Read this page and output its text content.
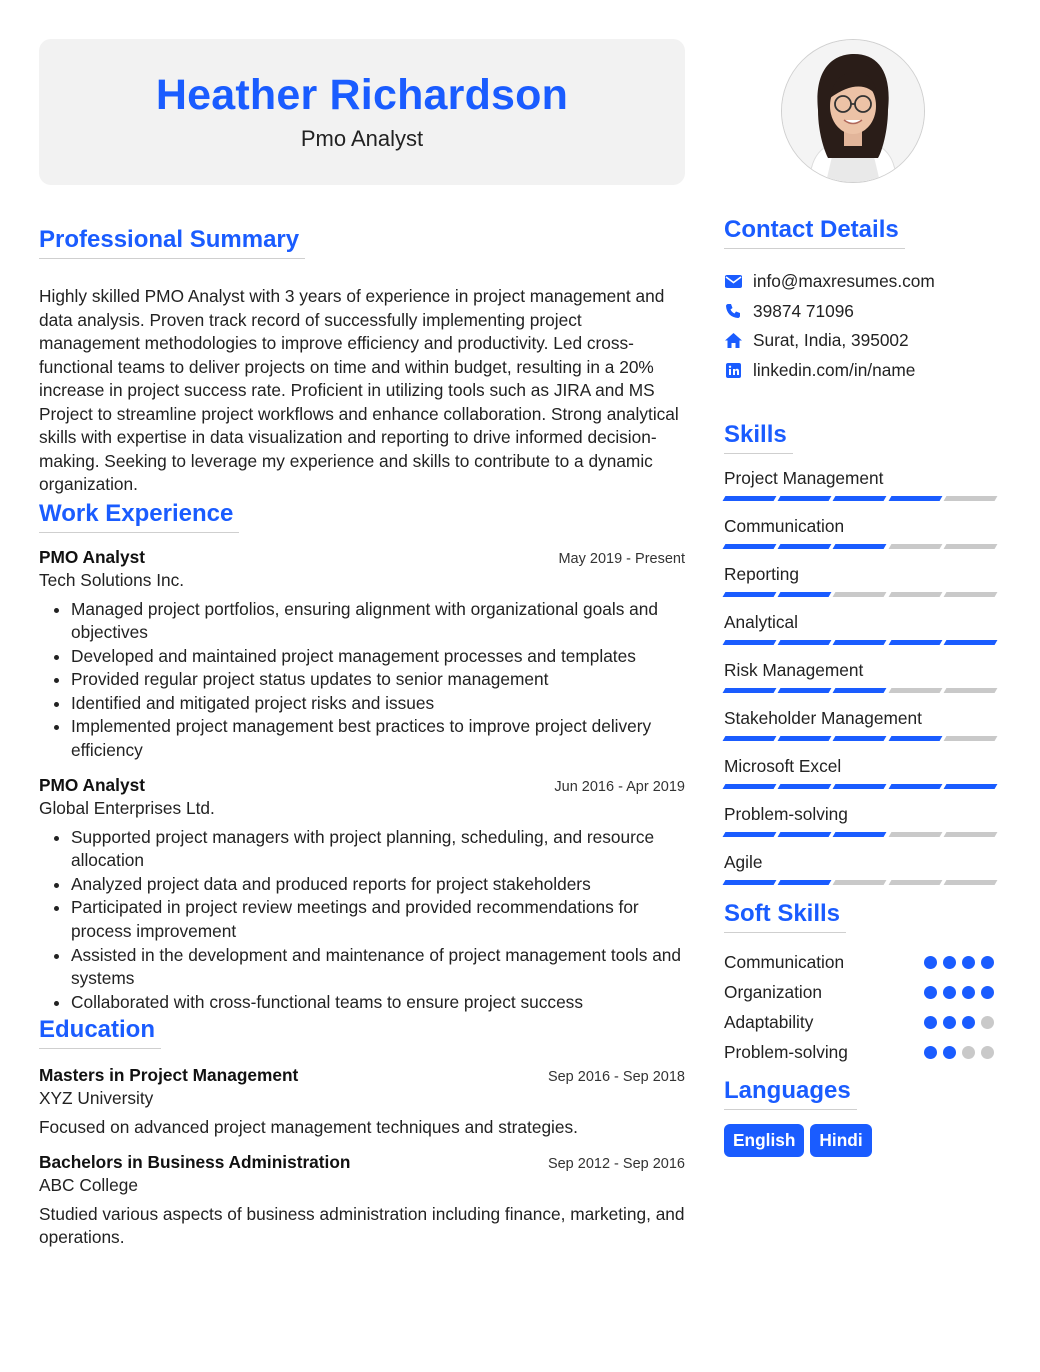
Heather Richardson
Pmo Analyst
Professional Summary
Highly skilled PMO Analyst with 3 years of experience in project management and data analysis. Proven track record of successfully implementing project management methodologies to improve efficiency and productivity. Led cross-functional teams to deliver projects on time and within budget, resulting in a 20% increase in project success rate. Proficient in utilizing tools such as JIRA and MS Project to streamline project workflows and enhance collaboration. Strong analytical skills with expertise in data visualization and reporting to drive informed decision-making. Seeking to leverage my experience and skills to contribute to a dynamic organization.
Work Experience
PMO Analyst	May 2019 - Present
Tech Solutions Inc.
• Managed project portfolios, ensuring alignment with organizational goals and objectives
• Developed and maintained project management processes and templates
• Provided regular project status updates to senior management
• Identified and mitigated project risks and issues
• Implemented project management best practices to improve project delivery efficiency
PMO Analyst	Jun 2016 - Apr 2019
Global Enterprises Ltd.
• Supported project managers with project planning, scheduling, and resource allocation
• Analyzed project data and produced reports for project stakeholders
• Participated in project review meetings and provided recommendations for process improvement
• Assisted in the development and maintenance of project management tools and systems
• Collaborated with cross-functional teams to ensure project success
Education
Masters in Project Management	Sep 2016 - Sep 2018
XYZ University
Focused on advanced project management techniques and strategies.
Bachelors in Business Administration	Sep 2012 - Sep 2016
ABC College
Studied various aspects of business administration including finance, marketing, and operations.
Contact Details
info@maxresumes.com
39874 71096
Surat, India, 395002
linkedin.com/in/name
Skills
Project Management
Communication
Reporting
Analytical
Risk Management
Stakeholder Management
Microsoft Excel
Problem-solving
Agile
Soft Skills
Communication
Organization
Adaptability
Problem-solving
Languages
English	Hindi
